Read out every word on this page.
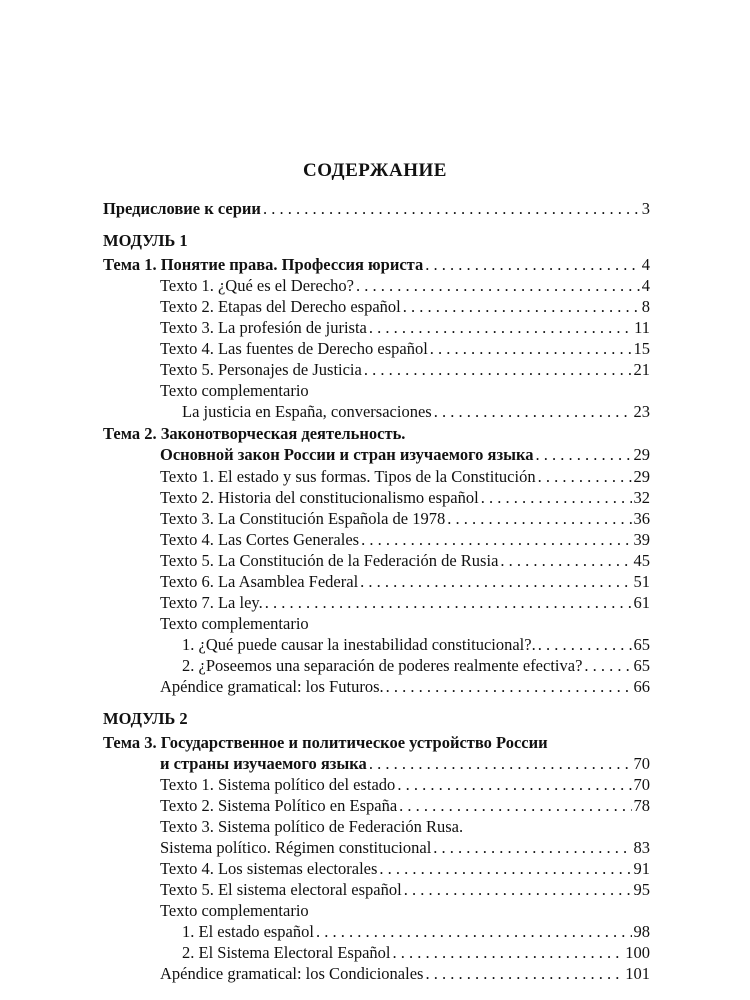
СОДЕРЖАНИЕ
Предисловие к серии . . .	3
МОДУЛЬ 1
Тема 1. Понятие права. Профессия юриста . . .	4
Texto 1. ¿Qué es el Derecho? . . .	4
Texto 2. Etapas del Derecho español . . .	8
Texto 3. La profesión de jurista . . .	11
Texto 4. Las fuentes de Derecho español . . .	15
Texto 5. Personajes de Justicia . . .	21
Texto complementario
La justicia en España, conversaciones . . .	23
Тема 2. Законотворческая деятельность.
Основной закон России и стран изучаемого языка . . .	29
Texto 1. El estado y sus formas. Tipos de la Constitución . . .	29
Texto 2. Historia del constitucionalismo español . . .	32
Texto 3. La Constitución Española de 1978 . . .	36
Texto 4. Las Cortes Generales . . .	39
Texto 5. La Constitución de la Federación de Rusia . . .	45
Texto 6. La Asamblea Federal . . .	51
Texto 7. La ley. . . .	61
Texto complementario
1. ¿Qué puede causar la inestabilidad constitucional?. . . .	65
2. ¿Poseemos una separación de poderes realmente efectiva? . . .	65
Apéndice gramatical: los Futuros. . . .	66
МОДУЛЬ 2
Тема 3. Государственное и политическое устройство России
и страны изучаемого языка . . .	70
Texto 1. Sistema político del estado . . .	70
Texto 2. Sistema Político en España . . .	78
Texto 3. Sistema político de Federación Rusa.
Sistema político. Régimen constitucional . . .	83
Texto 4. Los sistemas electorales . . .	91
Texto 5. El sistema electoral español . . .	95
Texto complementario
1. El estado español . . .	98
2. El Sistema Electoral Español . . .	100
Apéndice gramatical: los Condicionales . . .	101
